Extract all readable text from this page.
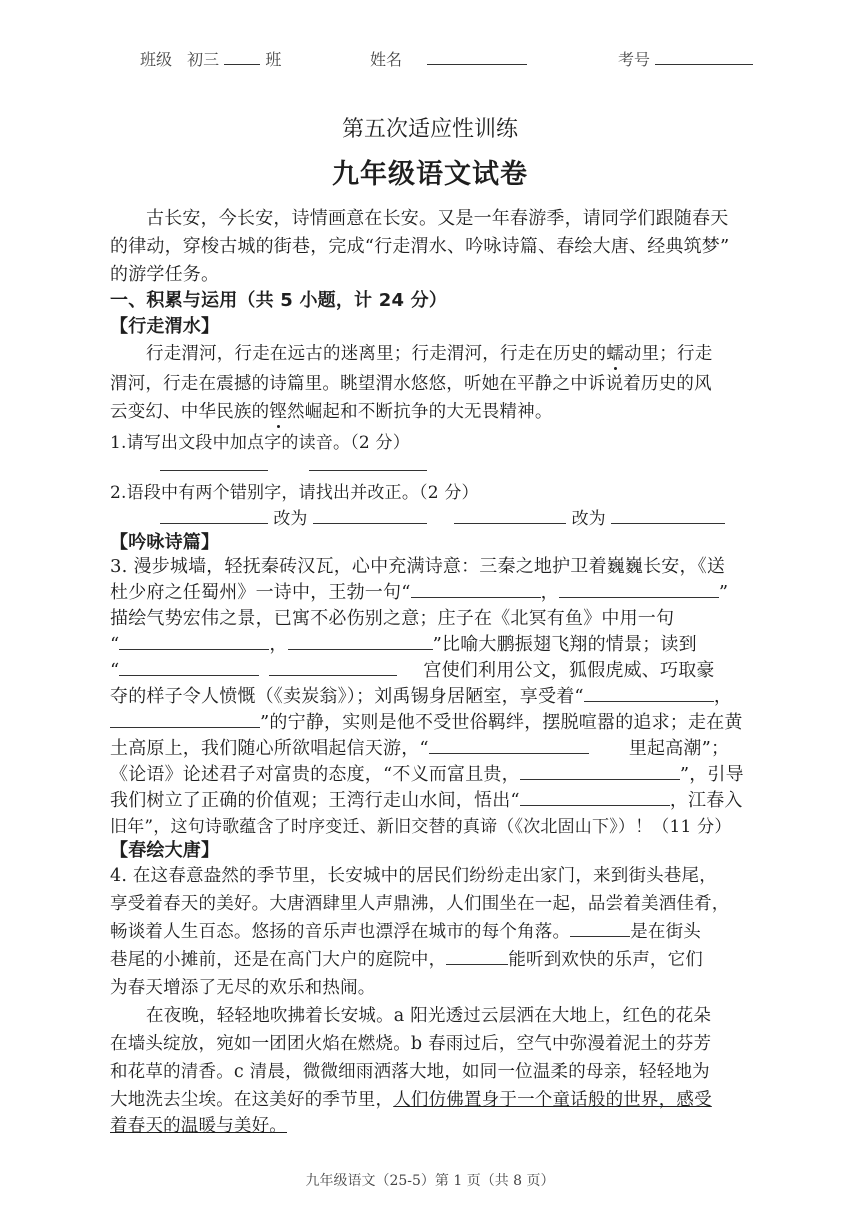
班级 初三	班	姓名	考号
第五次适应性训练
九年级语文试卷
古长安，今长安，诗情画意在长安。又是一年春游季，请同学们跟随春天
的律动，穿梭古城的街巷，完成“行走渭水、吟咏诗篇、春绘大唐、经典筑梦”
的游学任务。
一、积累与运用（共 5 小题，计 24 分）
【行走渭水】
行走渭河，行走在远古的迷离里；行走渭河，行走在历史的蠕动里；行走
渭河，行走在震撼的诗篇里。眺望渭水悠悠，听她在平静之中诉说着历史的风
云变幻、中华民族的铿然崛起和不断抗争的大无畏精神。
1.请写出文段中加点字的读音。（2 分）

2.语段中有两个错别字，请找出并改正。（2 分）
改为	改为
【吟咏诗篇】
3. 漫步城墙，轻抚秦砖汉瓦，心中充满诗意：三秦之地护卫着巍巍长安，《送
杜少府之任蜀州》一诗中，王勃一句“	，	”
描绘气势宏伟之景，已寓不必伤别之意；庄子在《北冥有鱼》中用一句
“	，	”比喻大鹏振翅飞翔的情景；读到
“	宫使们利用公文，狐假虎威、巧取豪
夺的样子令人愤慨（《卖炭翁》）；刘禹锡身居陋室，享受着“	，
”的宁静，实则是他不受世俗羁绊，摆脱喧嚣的追求；走在黄
土高原上，我们随心所欲唱起信天游，“	里起高潮”；
《论语》论述君子对富贵的态度，“不义而富且贵，	”，引导
我们树立了正确的价值观；王湾行走山水间，悟出“	，江春入
旧年”，这句诗歌蕴含了时序变迁、新旧交替的真谛（《次北固山下》）！（11 分）
【春绘大唐】
4. 在这春意盎然的季节里，长安城中的居民们纷纷走出家门，来到街头巷尾，
享受着春天的美好。大唐酒肆里人声鼎沸，人们围坐在一起，品尝着美酒佳肴，
畅谈着人生百态。悠扬的音乐声也漂浮在城市的每个角落。	是在街头
巷尾的小摊前，还是在高门大户的庭院中，	能听到欢快的乐声，它们
为春天增添了无尽的欢乐和热闹。
在夜晚，轻轻地吹拂着长安城。a 阳光透过云层洒在大地上，红色的花朵
在墙头绽放，宛如一团团火焰在燃烧。b 春雨过后，空气中弥漫着泥土的芬芳
和花草的清香。c 清晨，微微细雨洒落大地，如同一位温柔的母亲，轻轻地为
大地洗去尘埃。在这美好的季节里，人们仿佛置身于一个童话般的世界，感受
着春天的温暖与美好。
九年级语文（25-5）第 1 页（共 8 页）
